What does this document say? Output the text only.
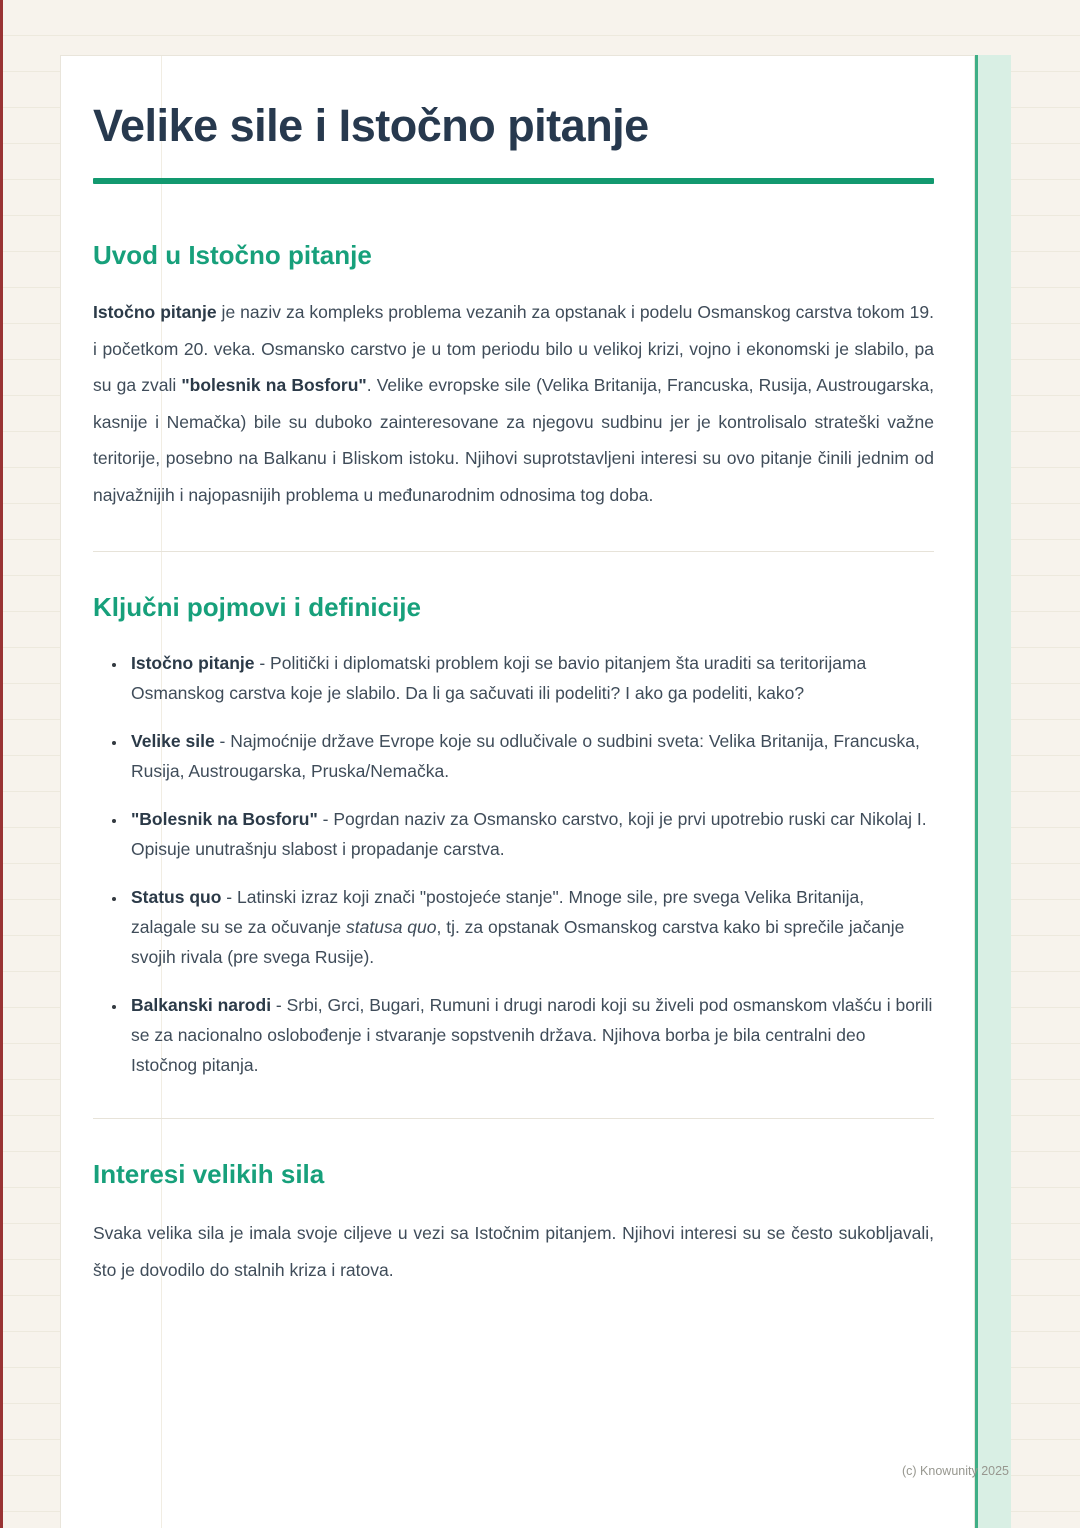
Velike sile i Istočno pitanje
Uvod u Istočno pitanje

Istočno pitanje je naziv za kompleks problema vezanih za opstanak i podelu Osmanskog carstva tokom 19. i početkom 20. veka. Osmansko carstvo je u tom periodu bilo u velikoj krizi, vojno i ekonomski je slabilo, pa su ga zvali "bolesnik na Bosforu". Velike evropske sile (Velika Britanija, Francuska, Rusija, Austrougarska, kasnije i Nemačka) bile su duboko zainteresovane za njegovu sudbinu jer je kontrolisalo strateški važne teritorije, posebno na Balkanu i Bliskom istoku. Njihovi suprotstavljeni interesi su ovo pitanje činili jednim od najvažnijih i najopasnijih problema u međunarodnim odnosima tog doba.

Ključni pojmovi i definicije
• Istočno pitanje - Politički i diplomatski problem koji se bavio pitanjem šta uraditi sa teritorijama Osmanskog carstva koje je slabilo. Da li ga sačuvati ili podeliti? I ako ga podeliti, kako?
• Velike sile - Najmoćnije države Evrope koje su odlučivale o sudbini sveta: Velika Britanija, Francuska, Rusija, Austrougarska, Pruska/Nemačka.
• "Bolesnik na Bosforu" - Pogrdan naziv za Osmansko carstvo, koji je prvi upotrebio ruski car Nikolaj I. Opisuje unutrašnju slabost i propadanje carstva.
• Status quo - Latinski izraz koji znači "postojeće stanje". Mnoge sile, pre svega Velika Britanija, zalagale su se za očuvanje statusa quo, tj. za opstanak Osmanskog carstva kako bi sprečile jačanje svojih rivala (pre svega Rusije).
• Balkanski narodi - Srbi, Grci, Bugari, Rumuni i drugi narodi koji su živeli pod osmanskom vlašću i borili se za nacionalno oslobođenje i stvaranje sopstvenih država. Njihova borba je bila centralni deo Istočnog pitanja.
Interesi velikih sila

Svaka velika sila je imala svoje ciljeve u vezi sa Istočnim pitanjem. Njihovi interesi su se često sukobljavali, što je dovodilo do stalnih kriza i ratova.

(c) Knowunity 2025
